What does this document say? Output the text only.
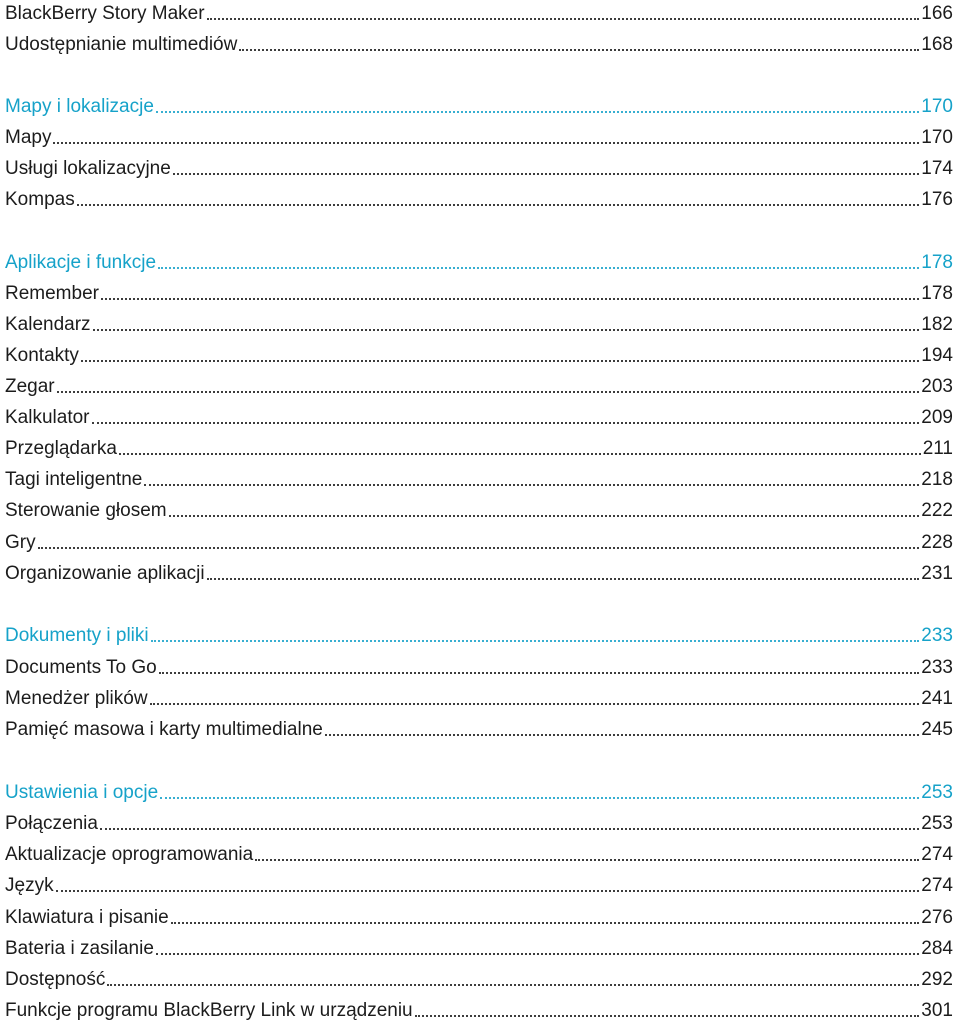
BlackBerry Story Maker	166
Udostępnianie multimediów	168
Mapy i lokalizacje	170
Mapy	170
Usługi lokalizacyjne	174
Kompas	176
Aplikacje i funkcje	178
Remember	178
Kalendarz	182
Kontakty	194
Zegar	203
Kalkulator	209
Przeglądarka	211
Tagi inteligentne	218
Sterowanie głosem	222
Gry	228
Organizowanie aplikacji	231
Dokumenty i pliki	233
Documents To Go	233
Menedżer plików	241
Pamięć masowa i karty multimedialne	245
Ustawienia i opcje	253
Połączenia	253
Aktualizacje oprogramowania	274
Język	274
Klawiatura i pisanie	276
Bateria i zasilanie	284
Dostępność	292
Funkcje programu BlackBerry Link w urządzeniu	301
